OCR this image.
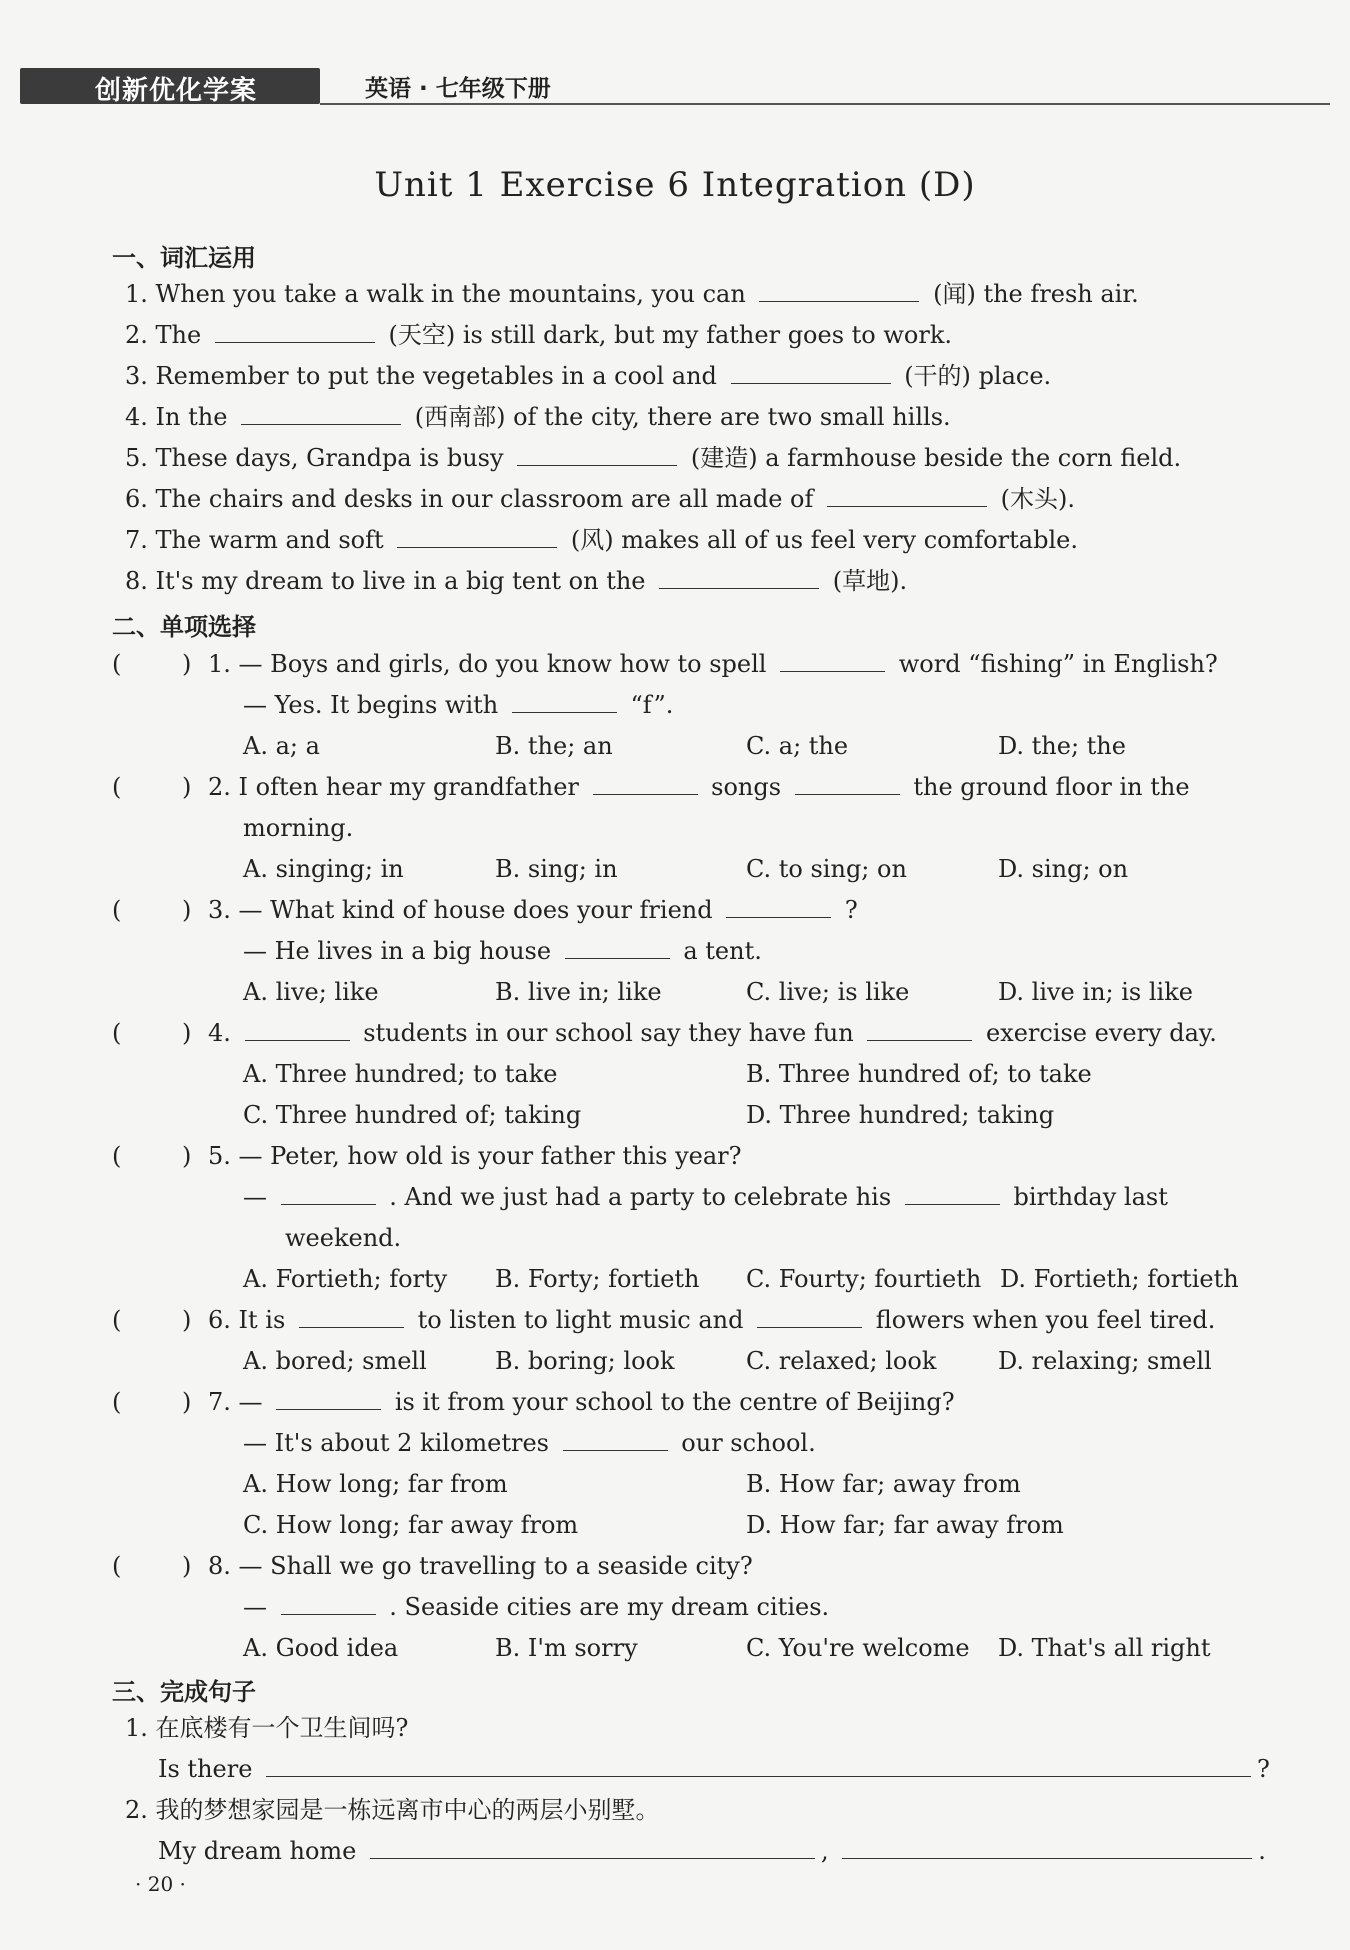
创新优化学案	英语 · 七年级下册
Unit 1 Exercise 6 Integration (D)
一、词汇运用
1. When you take a walk in the mountains, you can	(闻) the fresh air.
2. The	(天空) is still dark, but my father goes to work.
3. Remember to put the vegetables in a cool and	(干的) place.
4. In the	(西南部) of the city, there are two small hills.
5. These days, Grandpa is busy	(建造) a farmhouse beside the corn field.
6. The chairs and desks in our classroom are all made of	(木头).
7. The warm and soft	(风) makes all of us feel very comfortable.
8. It's my dream to live in a big tent on the	(草地).
二、单项选择
(	) 1. — Boys and girls, do you know how to spell	word “fishing” in English?
— Yes. It begins with	“f”.
A. a; a	B. the; an	C. a; the	D. the; the
(	) 2. I often hear my grandfather	songs	the ground floor in the
morning.
A. singing; in	B. sing; in	C. to sing; on	D. sing; on
(	) 3. — What kind of house does your friend	?
— He lives in a big house	a tent.
A. live; like	B. live in; like	C. live; is like	D. live in; is like
(	) 4.	students in our school say they have fun	exercise every day.
A. Three hundred; to take	B. Three hundred of; to take
C. Three hundred of; taking	D. Three hundred; taking
(	) 5. — Peter, how old is your father this year?
—	. And we just had a party to celebrate his	birthday last
weekend.
A. Fortieth; forty B. Forty; fortieth C. Fourty; fourtieth D. Fortieth; fortieth
(	) 6. It is	to listen to light music and	flowers when you feel tired.
A. bored; smell	B. boring; look	C. relaxed; look	D. relaxing; smell
(	) 7. —	is it from your school to the centre of Beijing?
— It's about 2 kilometres	our school.
A. How long; far from	B. How far; away from
C. How long; far away from	D. How far; far away from
(	) 8. — Shall we go travelling to a seaside city?
—	. Seaside cities are my dream cities.
A. Good idea	B. I'm sorry	C. You're welcome D. That's all right
三、完成句子
1. 在底楼有一个卫生间吗?
Is there	?
2. 我的梦想家园是一栋远离市中心的两层小别墅。
My dream home	,	.
· 20 ·
